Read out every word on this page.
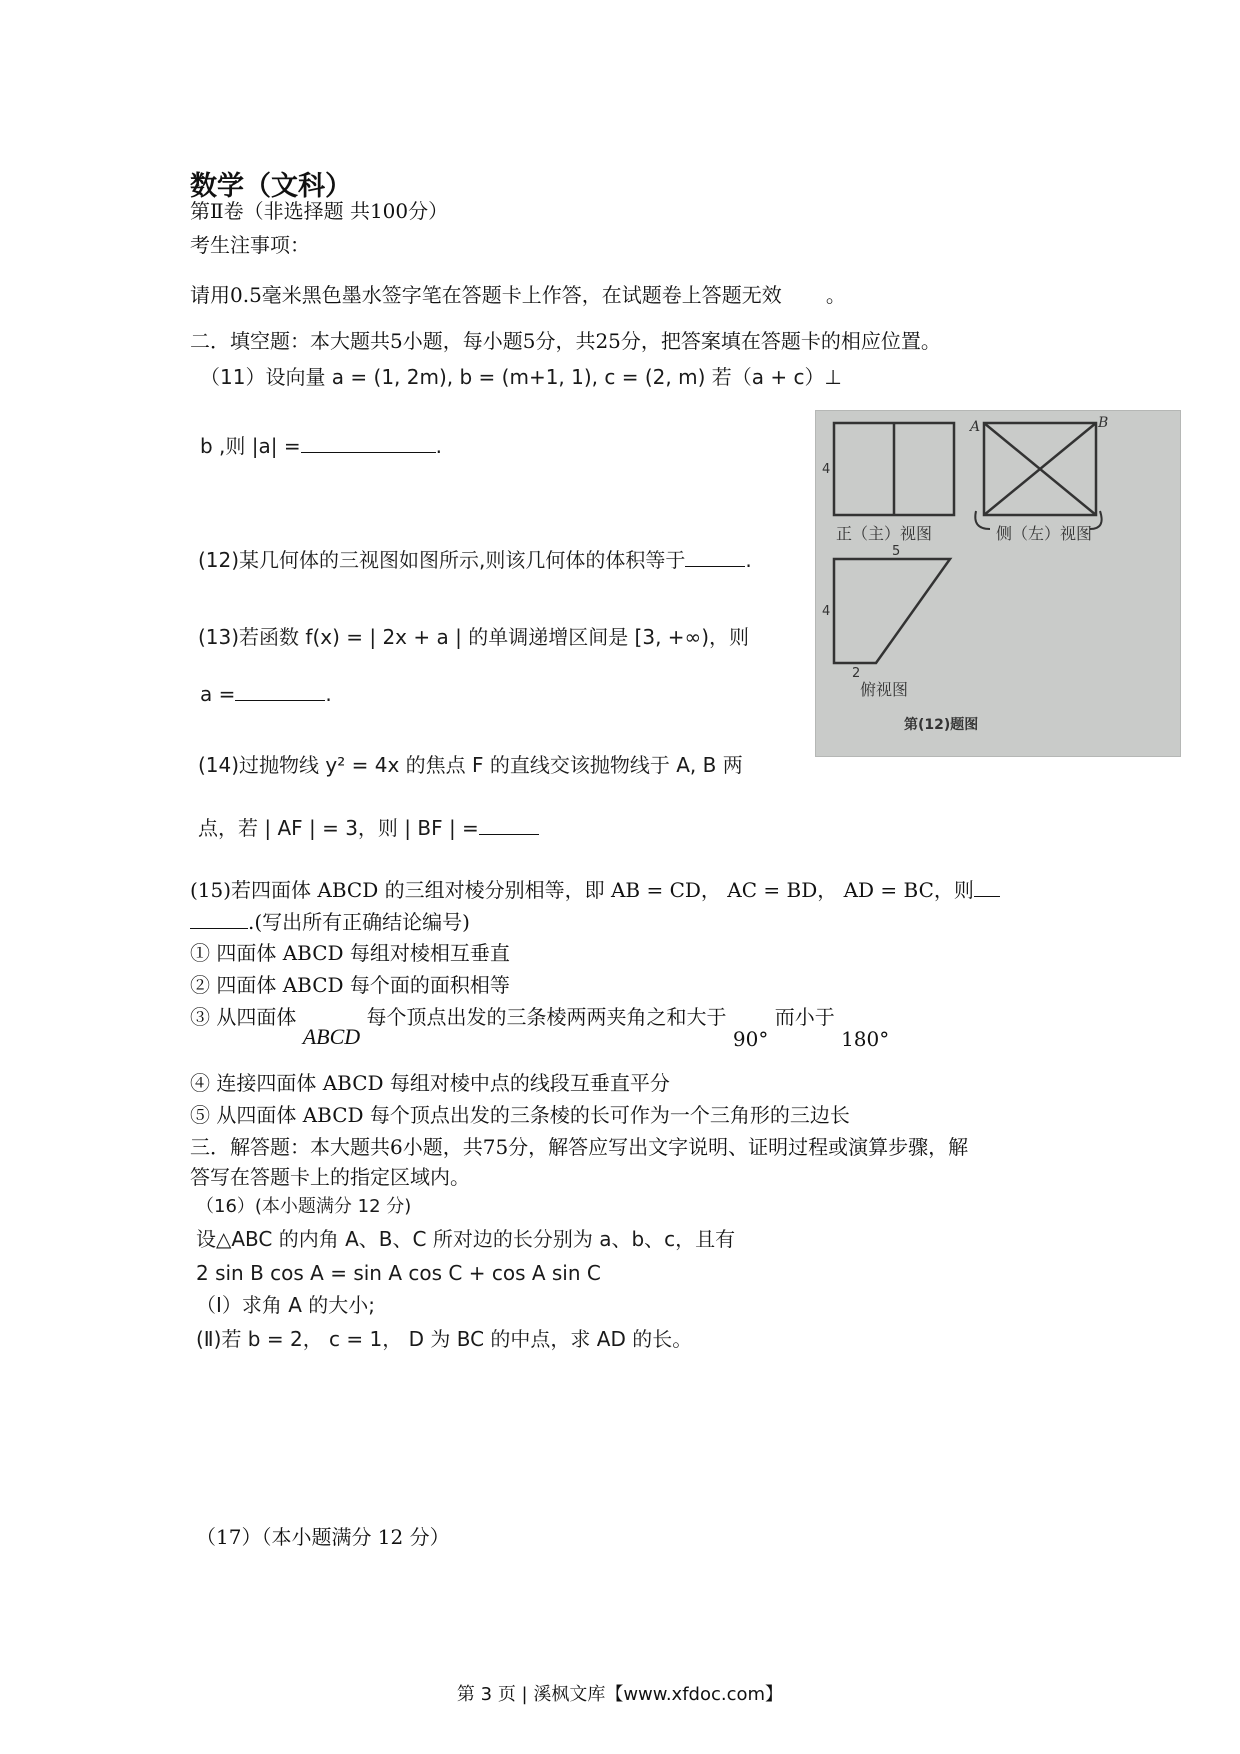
数学（文科）
第Ⅱ卷（非选择题 共100分）
考生注事项：
请用0.5毫米黑色墨水签字笔在答题卡上作答，在试题卷上答题无效 。
二．填空题：本大题共5小题，每小题5分，共25分，把答案填在答题卡的相应位置。
（11）设向量 a = (1, 2m), b = (m+1, 1), c = (2, m) 若（a + c）⊥
b ,则 |a| =	.
(12)某几何体的三视图如图所示,则该几何体的体积等于	.
(13)若函数 f(x) = | 2x + a | 的单调递增区间是 [3, +∞)，则
a =	.
(14)过抛物线 y² = 4x 的焦点 F 的直线交该抛物线于 A, B 两
点，若 | AF | = 3，则 | BF | =
(15)若四面体 ABCD 的三组对棱分别相等，即 AB = CD， AC = BD， AD = BC，则
.(写出所有正确结论编号)
① 四面体 ABCD 每组对棱相互垂直
② 四面体 ABCD 每个面的面积相等
③ 从四面体 ABCD 每个顶点出发的三条棱两两夹角之和大于 90° 而小于 180°
④ 连接四面体 ABCD 每组对棱中点的线段互垂直平分
⑤ 从四面体 ABCD 每个顶点出发的三条棱的长可作为一个三角形的三边长
三．解答题：本大题共6小题，共75分，解答应写出文字说明、证明过程或演算步骤，解
答写在答题卡上的指定区域内。
（16）(本小题满分 12 分)
设△ABC 的内角 A、B、C 所对边的长分别为 a、b、c，且有
2 sin B cos A = sin A cos C + cos A sin C
（Ⅰ）求角 A 的大小;
(Ⅱ)若 b = 2， c = 1， D 为 BC 的中点，求 AD 的长。
（17）（本小题满分 12 分）
4
正（主）视图
A	B
侧（左）视图
5
4
2
俯视图
第(12)题图
第 3 页 | 溪枫文库【www.xfdoc.com】
